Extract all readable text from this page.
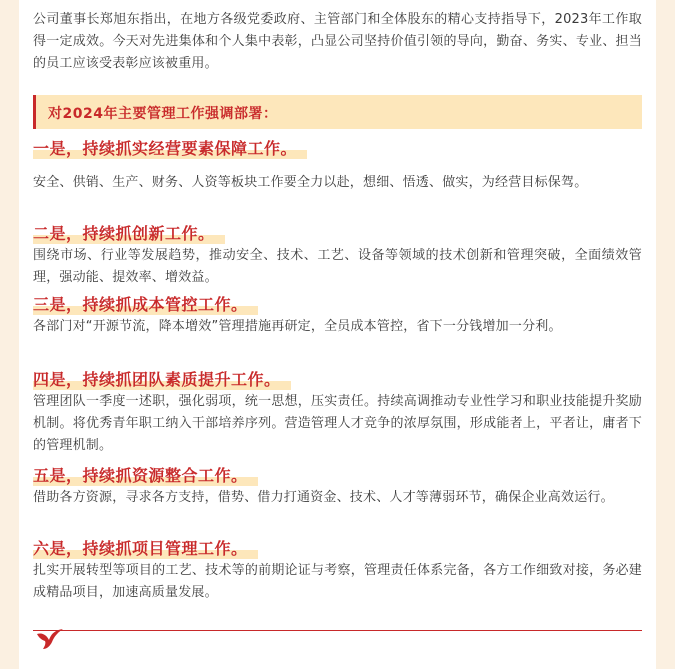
公司董事长郑旭东指出，在地方各级党委政府、主管部门和全体股东的精心支持指导下，2023年工作取得一定成效。今天对先进集体和个人集中表彰，凸显公司坚持价值引领的导向，勤奋、务实、专业、担当的员工应该受表彰应该被重用。

对2024年主要管理工作强调部署：
一是，持续抓实经营要素保障工作。

安全、供销、生产、财务、人资等板块工作要全力以赴，想细、悟透、做实，为经营目标保驾。

二是，持续抓创新工作。

围绕市场、行业等发展趋势，推动安全、技术、工艺、设备等领域的技术创新和管理突破，全面绩效管理，强动能、提效率、增效益。

三是，持续抓成本管控工作。

各部门对“开源节流，降本增效”管理措施再研定，全员成本管控，省下一分钱增加一分利。

四是，持续抓团队素质提升工作。

管理团队一季度一述职，强化弱项，统一思想，压实责任。持续高调推动专业性学习和职业技能提升奖励机制。将优秀青年职工纳入干部培养序列。营造管理人才竞争的浓厚氛围，形成能者上，平者让，庸者下的管理机制。

五是，持续抓资源整合工作。

借助各方资源，寻求各方支持，借势、借力打通资金、技术、人才等薄弱环节，确保企业高效运行。

六是，持续抓项目管理工作。

扎实开展转型等项目的工艺、技术等的前期论证与考察，管理责任体系完备，各方工作细致对接，务必建成精品项目，加速高质量发展。
